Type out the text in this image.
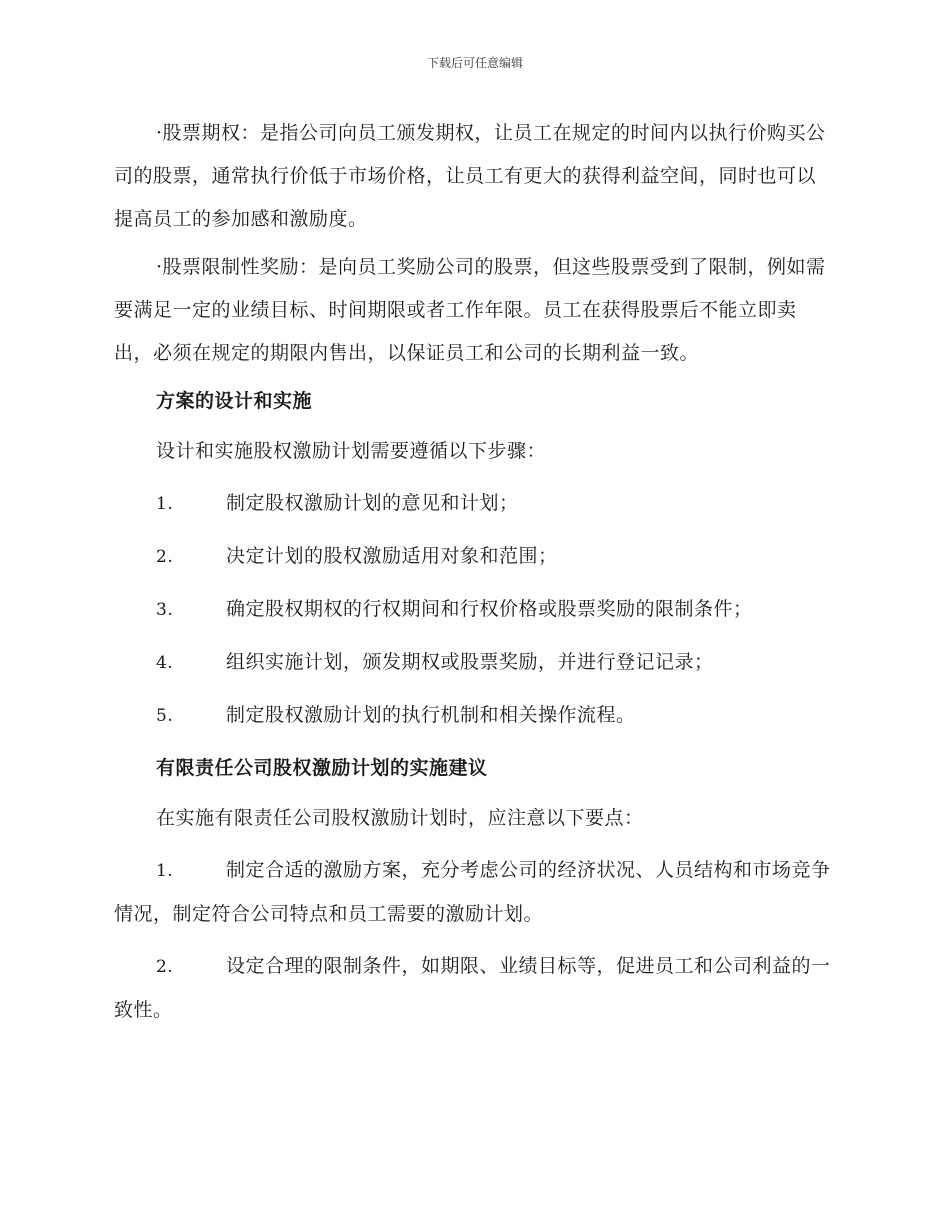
下载后可任意编辑

·股票期权：是指公司向员工颁发期权，让员工在规定的时间内以执行价购买公司的股票，通常执行价低于市场价格，让员工有更大的获得利益空间，同时也可以提高员工的参加感和激励度。

·股票限制性奖励：是向员工奖励公司的股票，但这些股票受到了限制，例如需要满足一定的业绩目标、时间期限或者工作年限。员工在获得股票后不能立即卖出，必须在规定的期限内售出，以保证员工和公司的长期利益一致。

方案的设计和实施
设计和实施股权激励计划需要遵循以下步骤：
1.	制定股权激励计划的意见和计划；
2.	决定计划的股权激励适用对象和范围；
3.	确定股权期权的行权期间和行权价格或股票奖励的限制条件；
4.	组织实施计划，颁发期权或股票奖励，并进行登记记录；
5.	制定股权激励计划的执行机制和相关操作流程。
有限责任公司股权激励计划的实施建议
在实施有限责任公司股权激励计划时，应注意以下要点：
1.	制定合适的激励方案，充分考虑公司的经济状况、人员结构和市场竞争情况，制定符合公司特点和员工需要的激励计划。
2.	设定合理的限制条件，如期限、业绩目标等，促进员工和公司利益的一致性。
